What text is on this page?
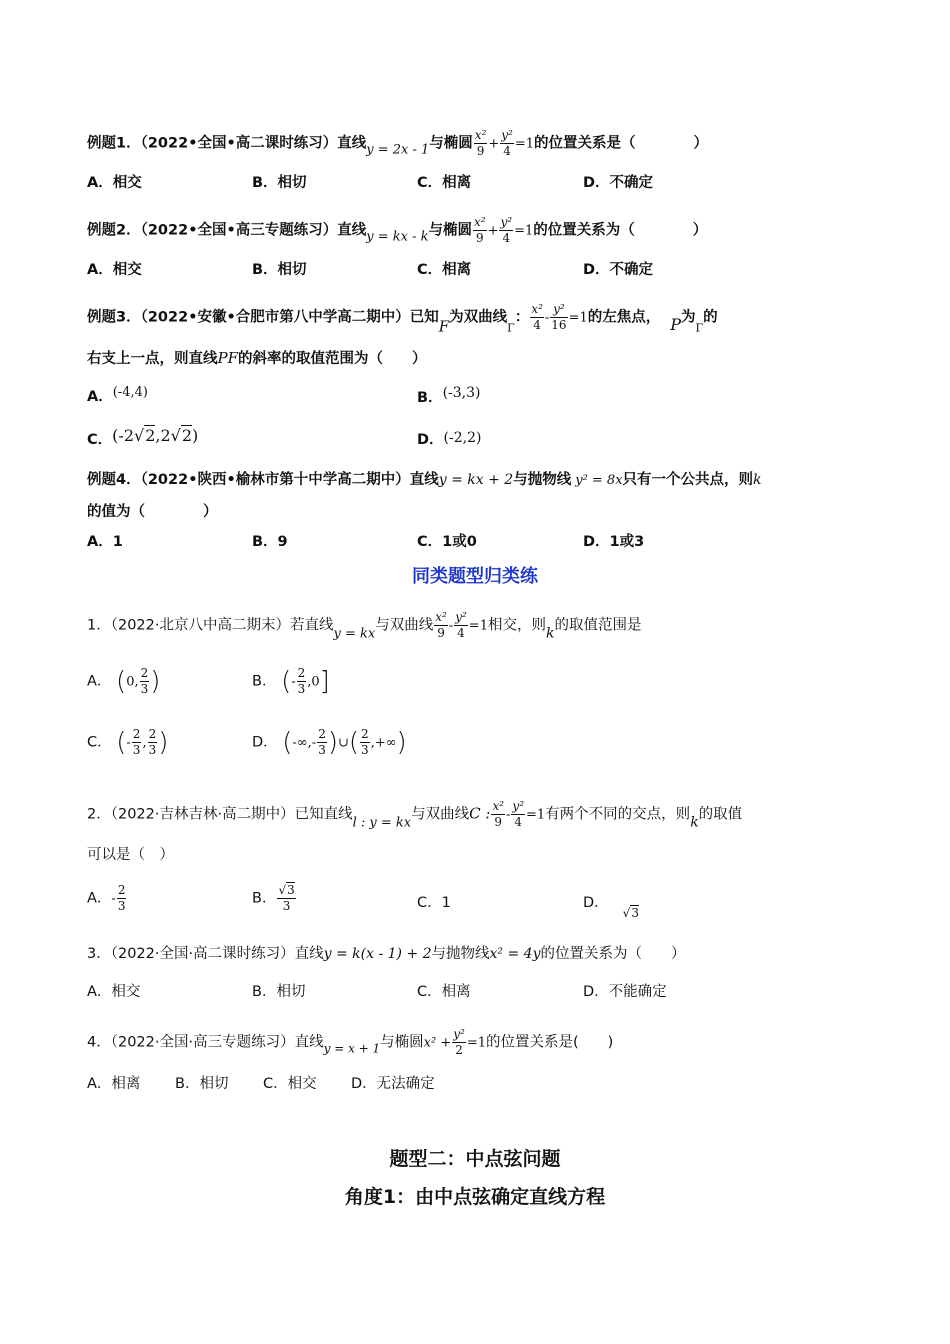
例题1．（2022•全国•高二课时练习）直线y = 2x - 1与椭圆 $\frac{\text{x²}}{9} + \frac{\text{y²}}{4} =1$的位置关系是（　　　　）
A．相交	B．相切	C．相离	D．不确定
例题2．（2022•全国•高三专题练习）直线y = kx - k与椭圆 $\frac{\text{x²}}{9} + \frac{\text{y²}}{4} =1$的位置关系为（　　　　）
A．相交	B．相切	C．相离	D．不确定
例题3．（2022•安徽•合肥市第八中学高二期中）已知F为双曲线$_\Gamma$： $\frac{\text{x²}}{4} - \frac{\text{y²}}{16} =1$的左焦点， P为$_\Gamma$的
右支上一点，则直线PF的斜率的取值范围为（　　）
A．(-4,4)	B．(-3,3)
C．(-2√2,2√2)	D．(-2,2)
例题4．（2022•陕西•榆林市第十中学高二期中）直线y = kx + 2与抛物线 y² = 8x只有一个公共点，则k
的值为（　　　　）
A．1	B．9	C．1或0	D．1或3
同类题型归类练
1．（2022·北京八中高二期末）若直线y = kx与双曲线 $\frac{\text{x²}}{9} - \frac{\text{y²}}{4} =1$相交，则k的取值范围是
A． (0, $\frac{2}{3}$ )	B． (- $\frac{2}{3} ,0$]
C． (- $\frac{2}{3}$ , $\frac{2}{3}$ )	D． (-∞,- $\frac{2}{3}$ )∪( $\frac{2}{3}$ ,+∞)
2．（2022·吉林吉林·高二期中）已知直线l : y = kx与双曲线C : $\frac{\text{x²}}{9} - \frac{\text{y²}}{4} =1$有两个不同的交点，则k的取值
可以是（　）
A．- $\frac{2}{3}$	B． $\frac{√3}{3}$	C．1	D．$_{√3}$
3．（2022·全国·高二课时练习）直线y = k(x - 1) + 2与抛物线x² = 4y的位置关系为（　　）
A．相交	B．相切	C．相离	D．不能确定
4．（2022·全国·高三专题练习）直线$_{y = x + 1}$与椭圆$x^2 + \frac{\text{y²}}{2} =1$的位置关系是(　　)
A．相离 B．相切 C．相交 D．无法确定
题型二：中点弦问题
角度1：由中点弦确定直线方程
